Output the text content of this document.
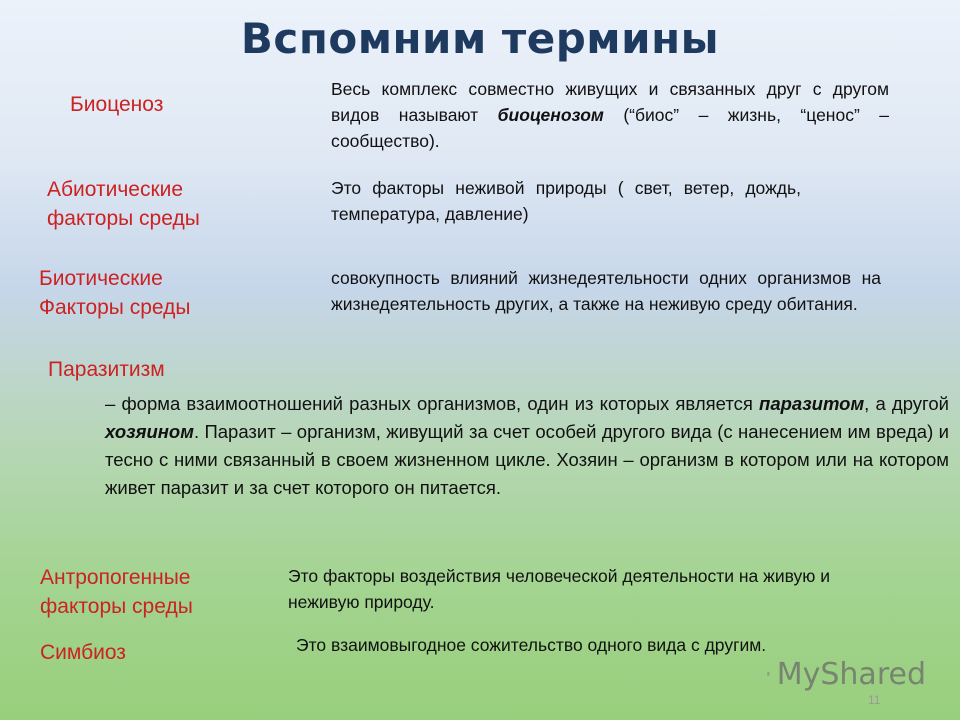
Вспомним термины
Биоценоз
Весь комплекс совместно живущих и связанных друг с другом видов называют биоценозом (“биос” – жизнь, “ценос” – сообщество).
Абиотические
факторы среды
Это факторы неживой природы ( свет, ветер, дождь, температура, давление)
Биотические
Факторы среды
совокупность влияний жизнедеятельности одних организмов на жизнедеятельность других, а также на неживую среду обитания.
Паразитизм
– форма взаимоотношений разных организмов, один из которых является паразитом, а другой хозяином. Паразит – организм, живущий за счет особей другого вида (с нанесением им вреда) и тесно с ними связанный в своем жизненном цикле. Хозяин – организм в котором или на котором живет паразит и за счет которого он питается.
Антропогенные
факторы среды
Это факторы воздействия человеческой деятельности на живую и неживую природу.
Симбиоз	Это взаимовыгодное сожительство одного вида с другим.
MyShared
11
